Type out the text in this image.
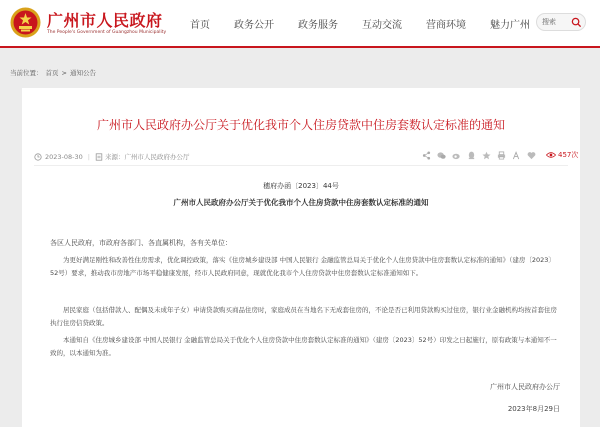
广州市人民政府
The People's Government of Guangzhou Municipality
首页 政务公开 政务服务 互动交流 营商环境 魅力广州 搜索
当前位置： 首页 > 通知公告
广州市人民政府办公厅关于优化我市个人住房贷款中住房套数认定标准的通知
2023-08-30 | 来源： 广州市人民政府办公厅	457次
穗府办函〔2023〕44号
广州市人民政府办公厅关于优化我市个人住房贷款中住房套数认定标准的通知
各区人民政府，市政府各部门、各直属机构，各有关单位：
为更好满足刚性和改善性住房需求，优化调控政策，落实《住房城乡建设部 中国人民银行 金融监管总局关于优化个人住房贷款中住房套数认定标准的通知》（建房〔2023〕52号）要求，推动我市房地产市场平稳健康发展，经市人民政府同意，现就优化我市个人住房贷款中住房套数认定标准通知如下。
居民家庭（包括借款人、配偶及未成年子女）申请贷款购买商品住房时，家庭成员在当地名下无成套住房的，不论是否已利用贷款购买过住房，银行业金融机构均按首套住房执行住房信贷政策。
本通知自《住房城乡建设部 中国人民银行 金融监管总局关于优化个人住房贷款中住房套数认定标准的通知》（建房〔2023〕52号）印发之日起施行，原有政策与本通知不一致的，以本通知为准。
广州市人民政府办公厅
2023年8月29日
